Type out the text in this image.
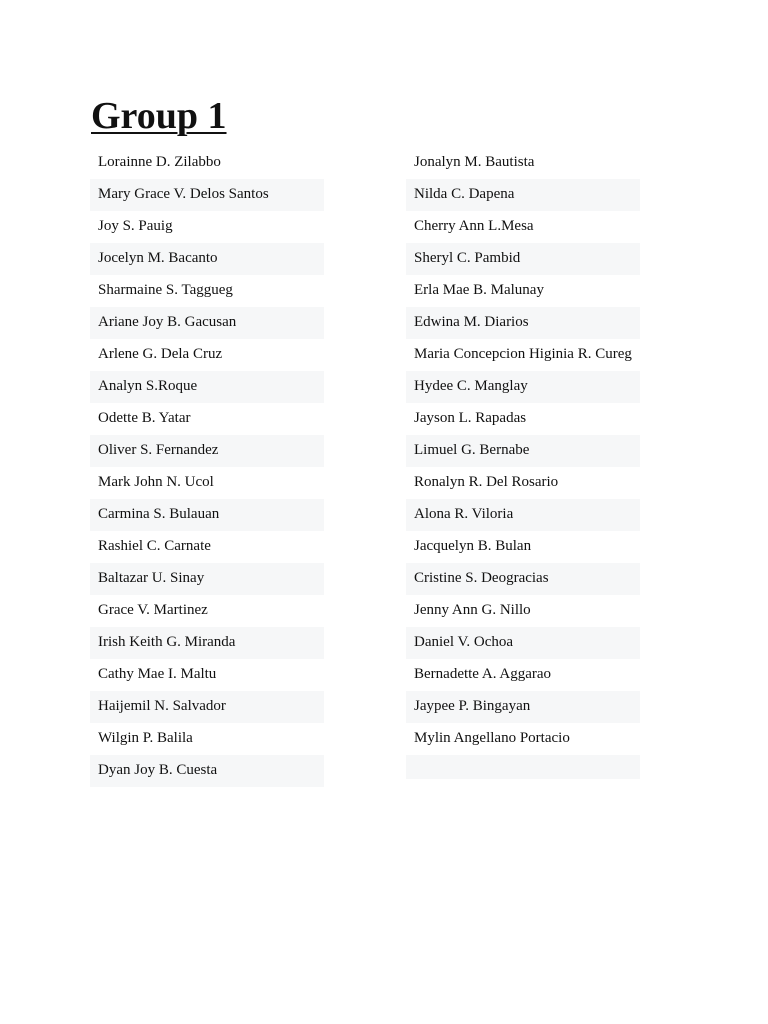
Group 1
Lorainne D. Zilabbo
Mary Grace V. Delos Santos
Joy S. Pauig
Jocelyn M. Bacanto
Sharmaine S. Taggueg
Ariane Joy B. Gacusan
Arlene G. Dela Cruz
Analyn S.Roque
Odette B. Yatar
Oliver S. Fernandez
Mark John N. Ucol
Carmina S. Bulauan
Rashiel C. Carnate
Baltazar U. Sinay
Grace V. Martinez
Irish Keith G. Miranda
Cathy Mae I. Maltu
Haijemil N. Salvador
Wilgin P. Balila
Dyan Joy B. Cuesta
Jonalyn M. Bautista
Nilda C. Dapena
Cherry Ann L.Mesa
Sheryl C. Pambid
Erla Mae B. Malunay
Edwina M. Diarios
Maria Concepcion Higinia R. Cureg
Hydee C. Manglay
Jayson L. Rapadas
Limuel G. Bernabe
Ronalyn R. Del Rosario
Alona R. Viloria
Jacquelyn B. Bulan
Cristine S. Deogracias
Jenny Ann G. Nillo
Daniel V. Ochoa
Bernadette A. Aggarao
Jaypee P. Bingayan
Mylin Angellano Portacio
